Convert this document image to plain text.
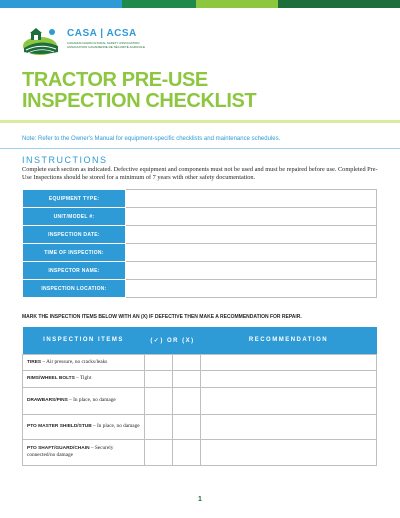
CASA | ACSA
CANADIAN AGRICULTURAL SAFETY ASSOCIATION
ASSOCIATION CANADIENNE DE SÉCURITÉ AGRICOLE
TRACTOR PRE-USE
INSPECTION CHECKLIST
Note: Refer to the Owner's Manual for equipment-specific checklists and maintenance schedules.
INSTRUCTIONS
Complete each section as indicated. Defective equipment and components must not be used and must be repaired before use. Completed Pre-Use Inspections should be stored for a minimum of 7 years with other safety documentation.
EQUIPMENT TYPE:	
UNIT/MODEL #:	
INSPECTION DATE:	
TIME OF INSPECTION:	
INSPECTOR NAME:	
INSPECTION LOCATION:	
MARK THE INSPECTION ITEMS BELOW WITH AN (X) IF DEFECTIVE THEN MAKE A RECOMMENDATION FOR REPAIR.
INSPECTION ITEMS	(✓) OR (X)		RECOMMENDATION
TIRES – Air pressure, no cracks/leaks			
RIMS/WHEEL BOLTS – Tight			
DRAWBARS/PINS – In place, no damage			
PTO MASTER SHIELD/STUB – In place, no damage			
PTO SHAFT/GUARD/CHAIN – Securely connected/no damage			
1
